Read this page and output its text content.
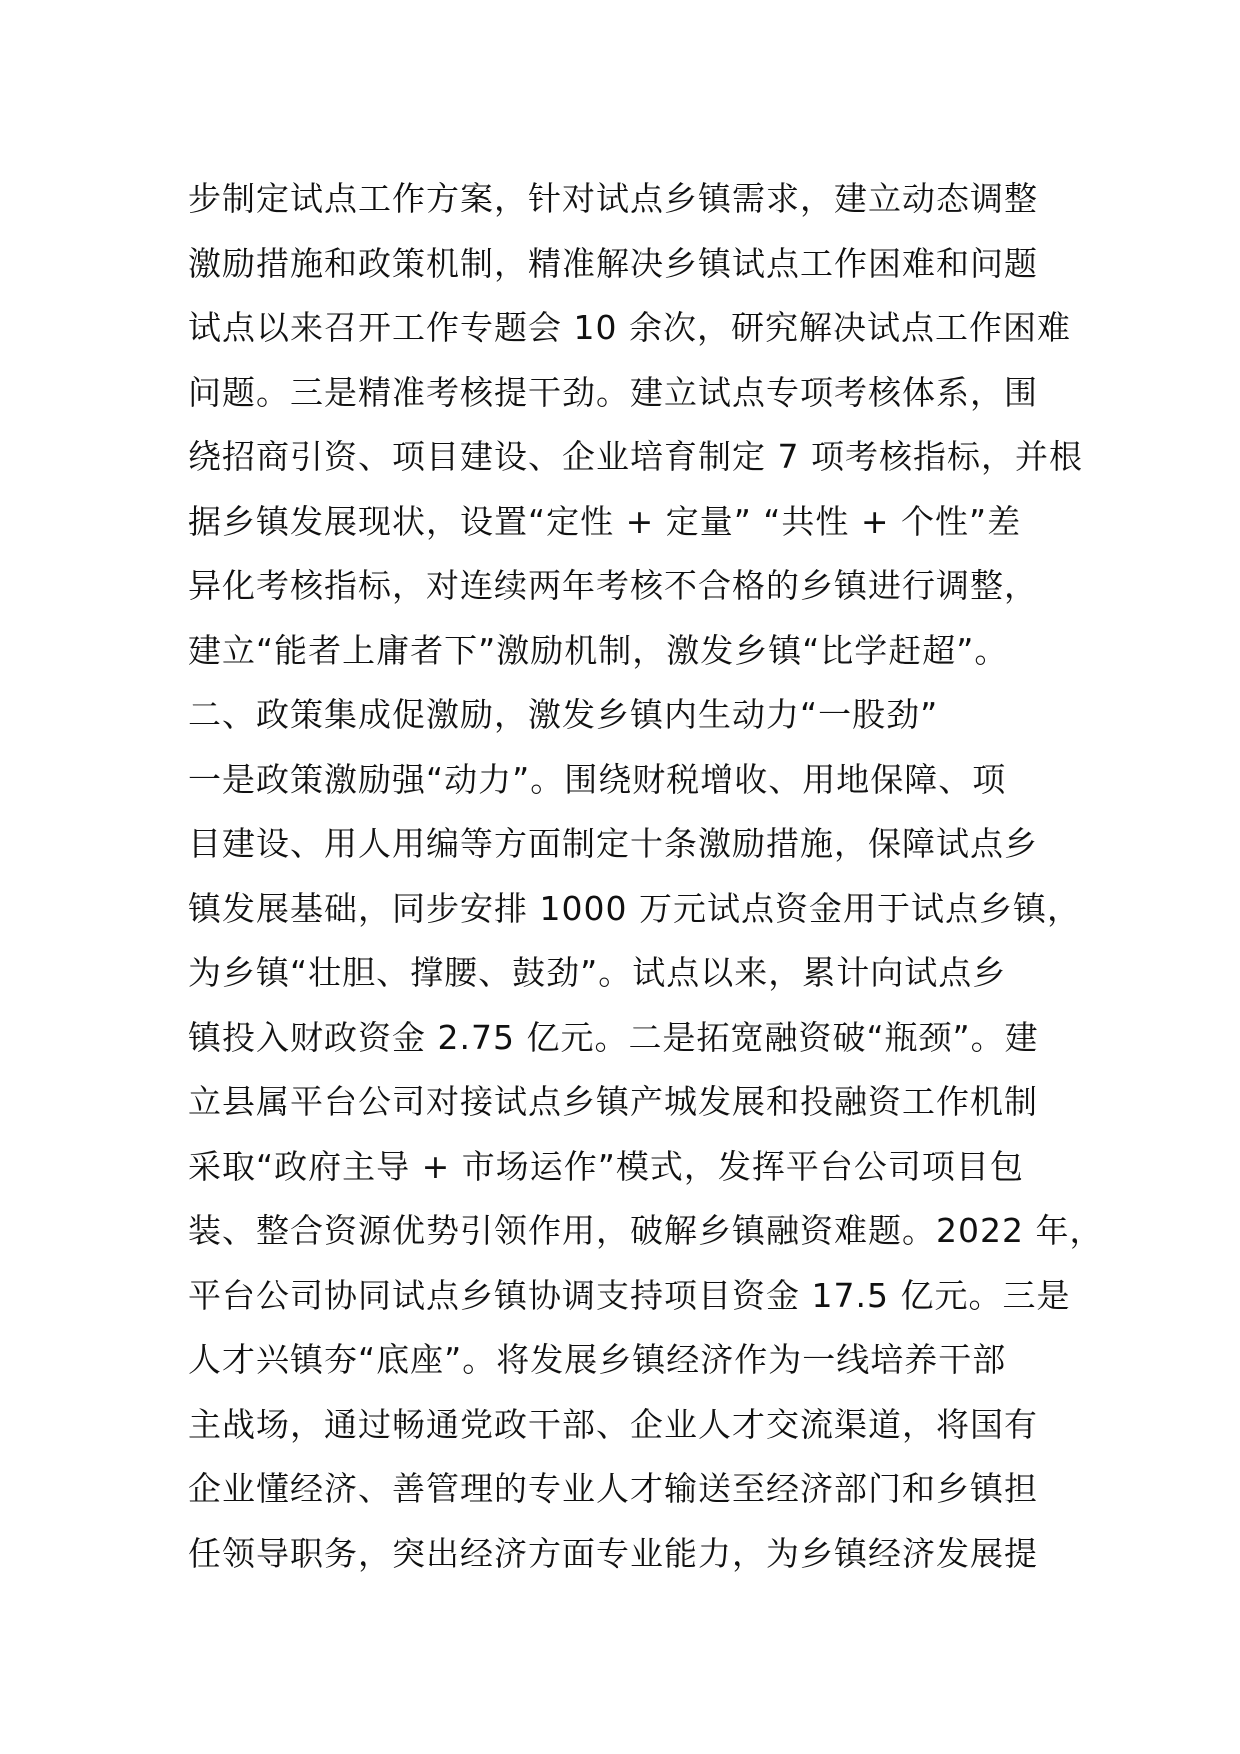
步制定试点工作方案，针对试点乡镇需求，建立动态调整
激励措施和政策机制，精准解决乡镇试点工作困难和问题
试点以来召开工作专题会 10 余次，研究解决试点工作困难
问题。三是精准考核提干劲。建立试点专项考核体系，围
绕招商引资、项目建设、企业培育制定 7 项考核指标，并根
据乡镇发展现状，设置“定性 + 定量” “共性 + 个性”差
异化考核指标，对连续两年考核不合格的乡镇进行调整，
建立“能者上庸者下”激励机制，激发乡镇“比学赶超”。
二、政策集成促激励，激发乡镇内生动力“一股劲”
一是政策激励强“动力”。围绕财税增收、用地保障、项
目建设、用人用编等方面制定十条激励措施，保障试点乡
镇发展基础，同步安排 1000 万元试点资金用于试点乡镇，
为乡镇“壮胆、撑腰、鼓劲”。试点以来，累计向试点乡
镇投入财政资金 2.75 亿元。二是拓宽融资破“瓶颈”。建
立县属平台公司对接试点乡镇产城发展和投融资工作机制
采取“政府主导 + 市场运作”模式，发挥平台公司项目包
装、整合资源优势引领作用，破解乡镇融资难题。2022 年，
平台公司协同试点乡镇协调支持项目资金 17.5 亿元。三是
人才兴镇夯“底座”。将发展乡镇经济作为一线培养干部
主战场，通过畅通党政干部、企业人才交流渠道，将国有
企业懂经济、善管理的专业人才输送至经济部门和乡镇担
任领导职务，突出经济方面专业能力，为乡镇经济发展提
